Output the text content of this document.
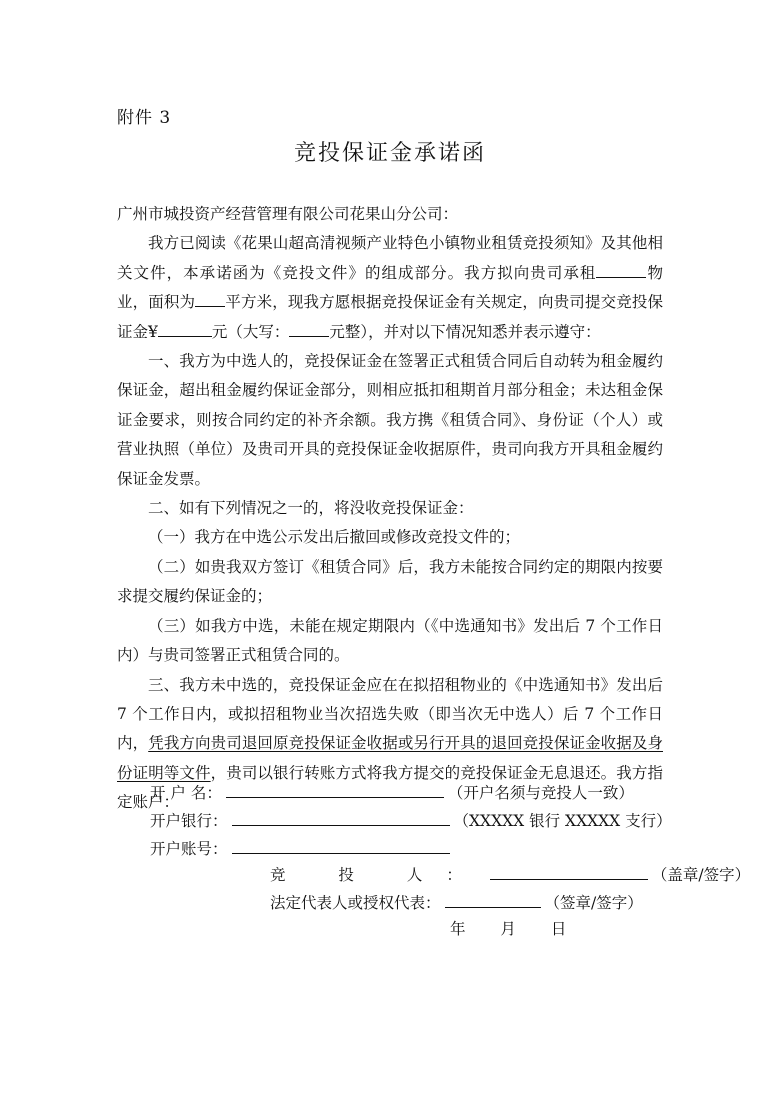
附件 3
竞投保证金承诺函

广州市城投资产经营管理有限公司花果山分公司：

我方已阅读《花果山超高清视频产业特色小镇物业租赁竞投须知》及其他相关文件，本承诺函为《竞投文件》的组成部分。我方拟向贵司承租	物业，面积为 平方米，现我方愿根据竞投保证金有关规定，向贵司提交竞投保证金¥	元（大写：	元整），并对以下情况知悉并表示遵守：

一、我方为中选人的，竞投保证金在签署正式租赁合同后自动转为租金履约保证金，超出租金履约保证金部分，则相应抵扣租期首月部分租金；未达租金保证金要求，则按合同约定的补齐余额。我方携《租赁合同》、身份证（个人）或营业执照（单位）及贵司开具的竞投保证金收据原件，贵司向我方开具租金履约保证金发票。

二、如有下列情况之一的，将没收竞投保证金：

（一）我方在中选公示发出后撤回或修改竞投文件的；

（二）如贵我双方签订《租赁合同》后，我方未能按合同约定的期限内按要求提交履约保证金的；

（三）如我方中选，未能在规定期限内（《中选通知书》发出后 7 个工作日内）与贵司签署正式租赁合同的。

三、我方未中选的，竞投保证金应在在拟招租物业的《中选通知书》发出后 7 个工作日内，或拟招租物业当次招选失败（即当次无中选人）后 7 个工作日内，凭我方向贵司退回原竞投保证金收据或另行开具的退回竞投保证金收据及身份证明等文件，贵司以银行转账方式将我方提交的竞投保证金无息退还。我方指定账户：

开 户 名：	（开户名须与竞投人一致）
开户银行：	（XXXXX 银行 XXXXX 支行）
开户账号：
竞 投 人：	（盖章/签字）
法定代表人或授权代表：	（签章/签字）
年 月 日
